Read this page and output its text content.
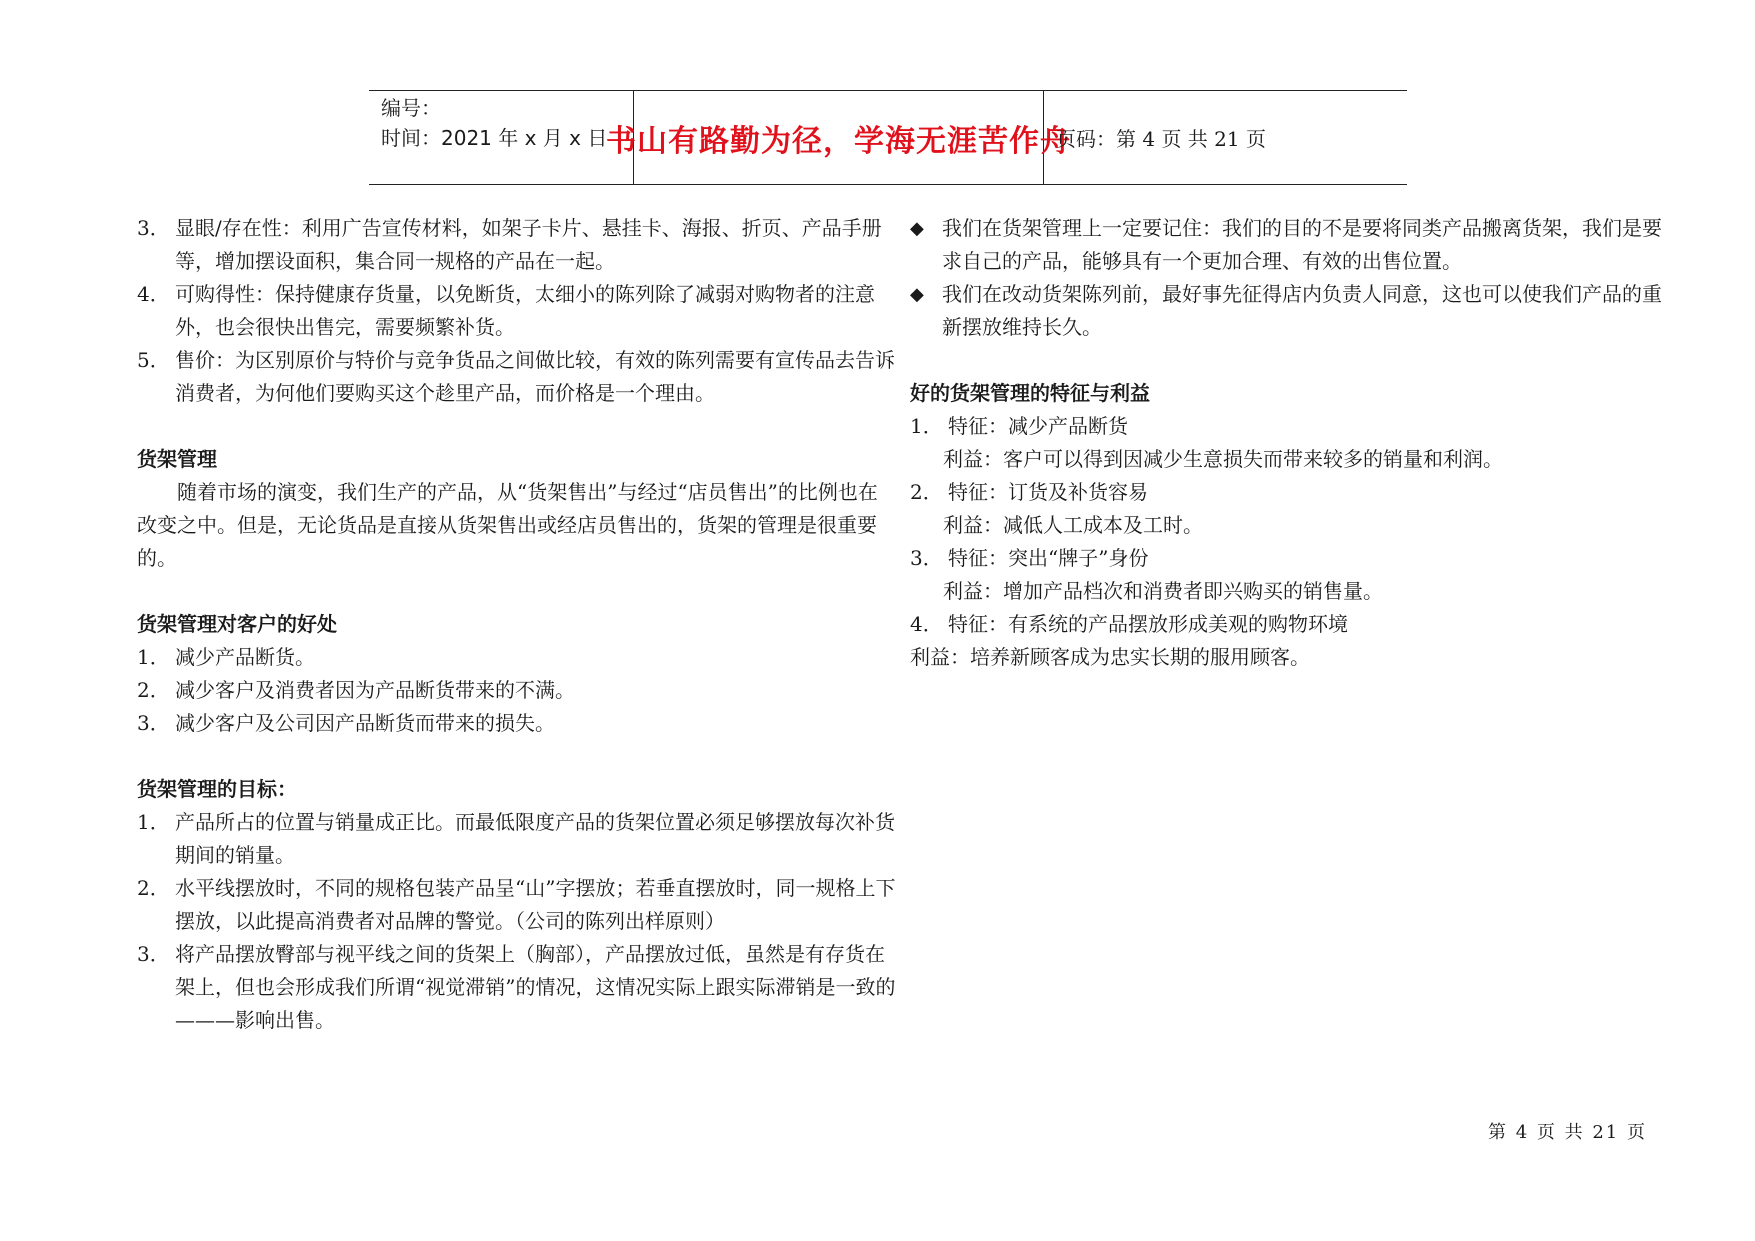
编号：
时间：2021 年 x 月 x 日
书山有路勤为径，学海无涯苦作舟
页码：第 4 页 共 21 页
3． 显眼/存在性：利用广告宣传材料，如架子卡片、悬挂卡、海报、折页、产品手册等，增加摆设面积，集合同一规格的产品在一起。
4． 可购得性：保持健康存货量，以免断货，太细小的陈列除了减弱对购物者的注意外，也会很快出售完，需要频繁补货。
5． 售价：为区别原价与特价与竞争货品之间做比较，有效的陈列需要有宣传品去告诉消费者，为何他们要购买这个趁里产品，而价格是一个理由。

货架管理

随着市场的演变，我们生产的产品，从“货架售出”与经过“店员售出”的比例也在改变之中。但是，无论货品是直接从货架售出或经店员售出的，货架的管理是很重要的。

货架管理对客户的好处

1． 减少产品断货。
2． 减少客户及消费者因为产品断货带来的不满。
3． 减少客户及公司因产品断货而带来的损失。

货架管理的目标：

1． 产品所占的位置与销量成正比。而最低限度产品的货架位置必须足够摆放每次补货期间的销量。
2． 水平线摆放时，不同的规格包装产品呈“山”字摆放；若垂直摆放时，同一规格上下摆放，以此提高消费者对品牌的警觉。（公司的陈列出样原则）
3． 将产品摆放臀部与视平线之间的货架上（胸部），产品摆放过低，虽然是有存货在架上，但也会形成我们所谓“视觉滞销”的情况，这情况实际上跟实际滞销是一致的———影响出售。
◆ 我们在货架管理上一定要记住：我们的目的不是要将同类产品搬离货架，我们是要求自己的产品，能够具有一个更加合理、有效的出售位置。
◆ 我们在改动货架陈列前，最好事先征得店内负责人同意，这也可以使我们产品的重新摆放维持长久。

好的货架管理的特征与利益

1． 特征：减少产品断货

利益：客户可以得到因减少生意损失而带来较多的销量和利润。

2． 特征：订货及补货容易

利益：减低人工成本及工时。

3． 特征：突出“牌子”身份

利益：增加产品档次和消费者即兴购买的销售量。

4． 特征：有系统的产品摆放形成美观的购物环境

利益：培养新顾客成为忠实长期的服用顾客。

第 4 页 共 21 页
